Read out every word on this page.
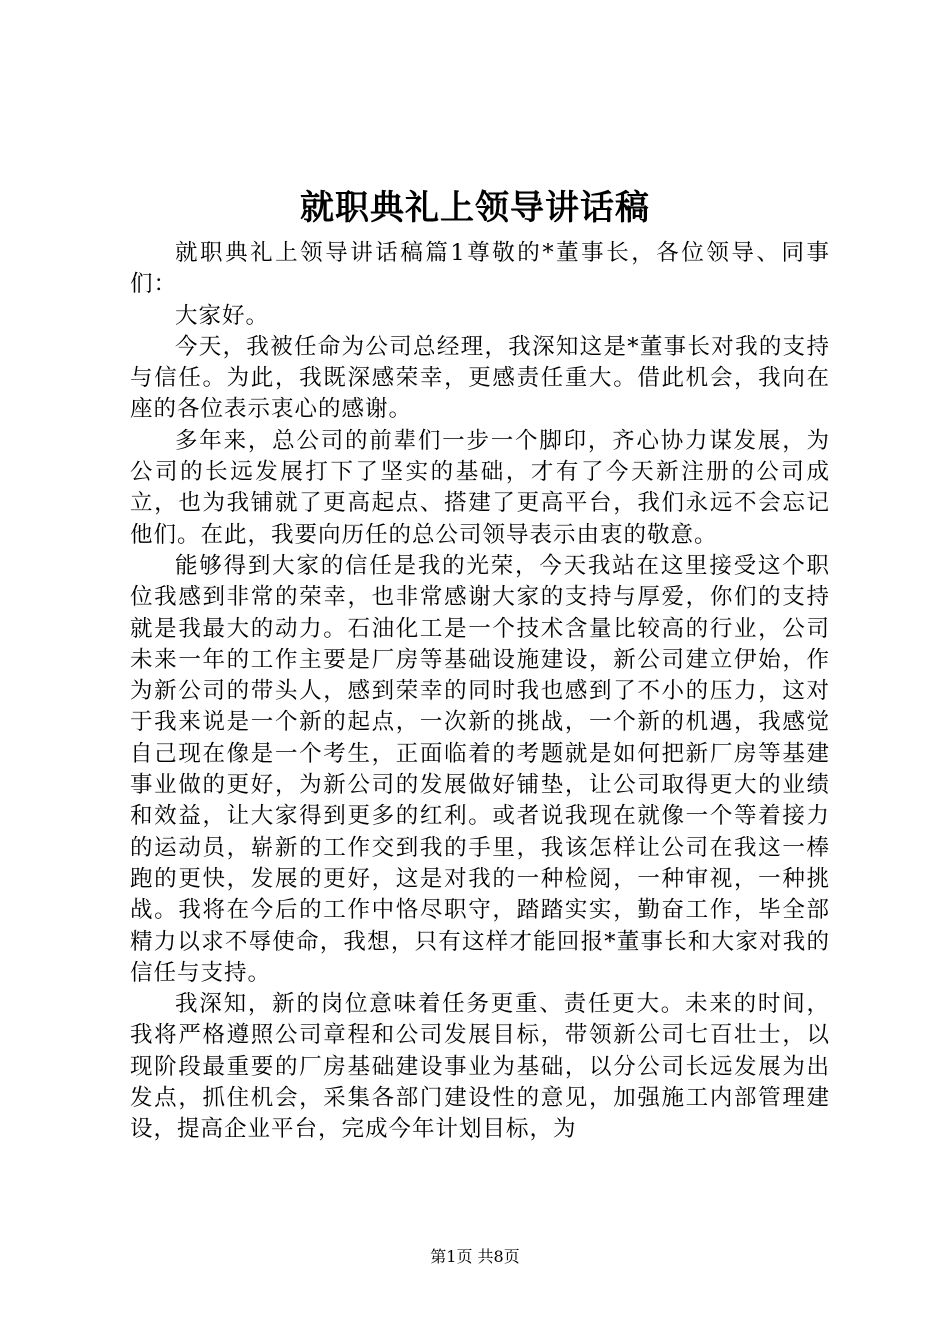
就职典礼上领导讲话稿

就职典礼上领导讲话稿篇1尊敬的*董事长，各位领导、同事们：

大家好。

今天，我被任命为公司总经理，我深知这是*董事长对我的支持与信任。为此，我既深感荣幸，更感责任重大。借此机会，我向在座的各位表示衷心的感谢。

多年来，总公司的前辈们一步一个脚印，齐心协力谋发展，为公司的长远发展打下了坚实的基础，才有了今天新注册的公司成立，也为我铺就了更高起点、搭建了更高平台，我们永远不会忘记他们。在此，我要向历任的总公司领导表示由衷的敬意。

能够得到大家的信任是我的光荣，今天我站在这里接受这个职位我感到非常的荣幸，也非常感谢大家的支持与厚爱，你们的支持就是我最大的动力。石油化工是一个技术含量比较高的行业，公司未来一年的工作主要是厂房等基础设施建设，新公司建立伊始，作为新公司的带头人，感到荣幸的同时我也感到了不小的压力，这对于我来说是一个新的起点，一次新的挑战，一个新的机遇，我感觉自己现在像是一个考生，正面临着的考题就是如何把新厂房等基建事业做的更好，为新公司的发展做好铺垫，让公司取得更大的业绩和效益，让大家得到更多的红利。或者说我现在就像一个等着接力的运动员，崭新的工作交到我的手里，我该怎样让公司在我这一棒跑的更快，发展的更好，这是对我的一种检阅，一种审视，一种挑战。我将在今后的工作中恪尽职守，踏踏实实，勤奋工作，毕全部精力以求不辱使命，我想，只有这样才能回报*董事长和大家对我的信任与支持。

我深知，新的岗位意味着任务更重、责任更大。未来的时间，我将严格遵照公司章程和公司发展目标，带领新公司七百壮士，以现阶段最重要的厂房基础建设事业为基础，以分公司长远发展为出发点，抓住机会，采集各部门建设性的意见，加强施工内部管理建设，提高企业平台，完成今年计划目标，为

第1页 共8页
